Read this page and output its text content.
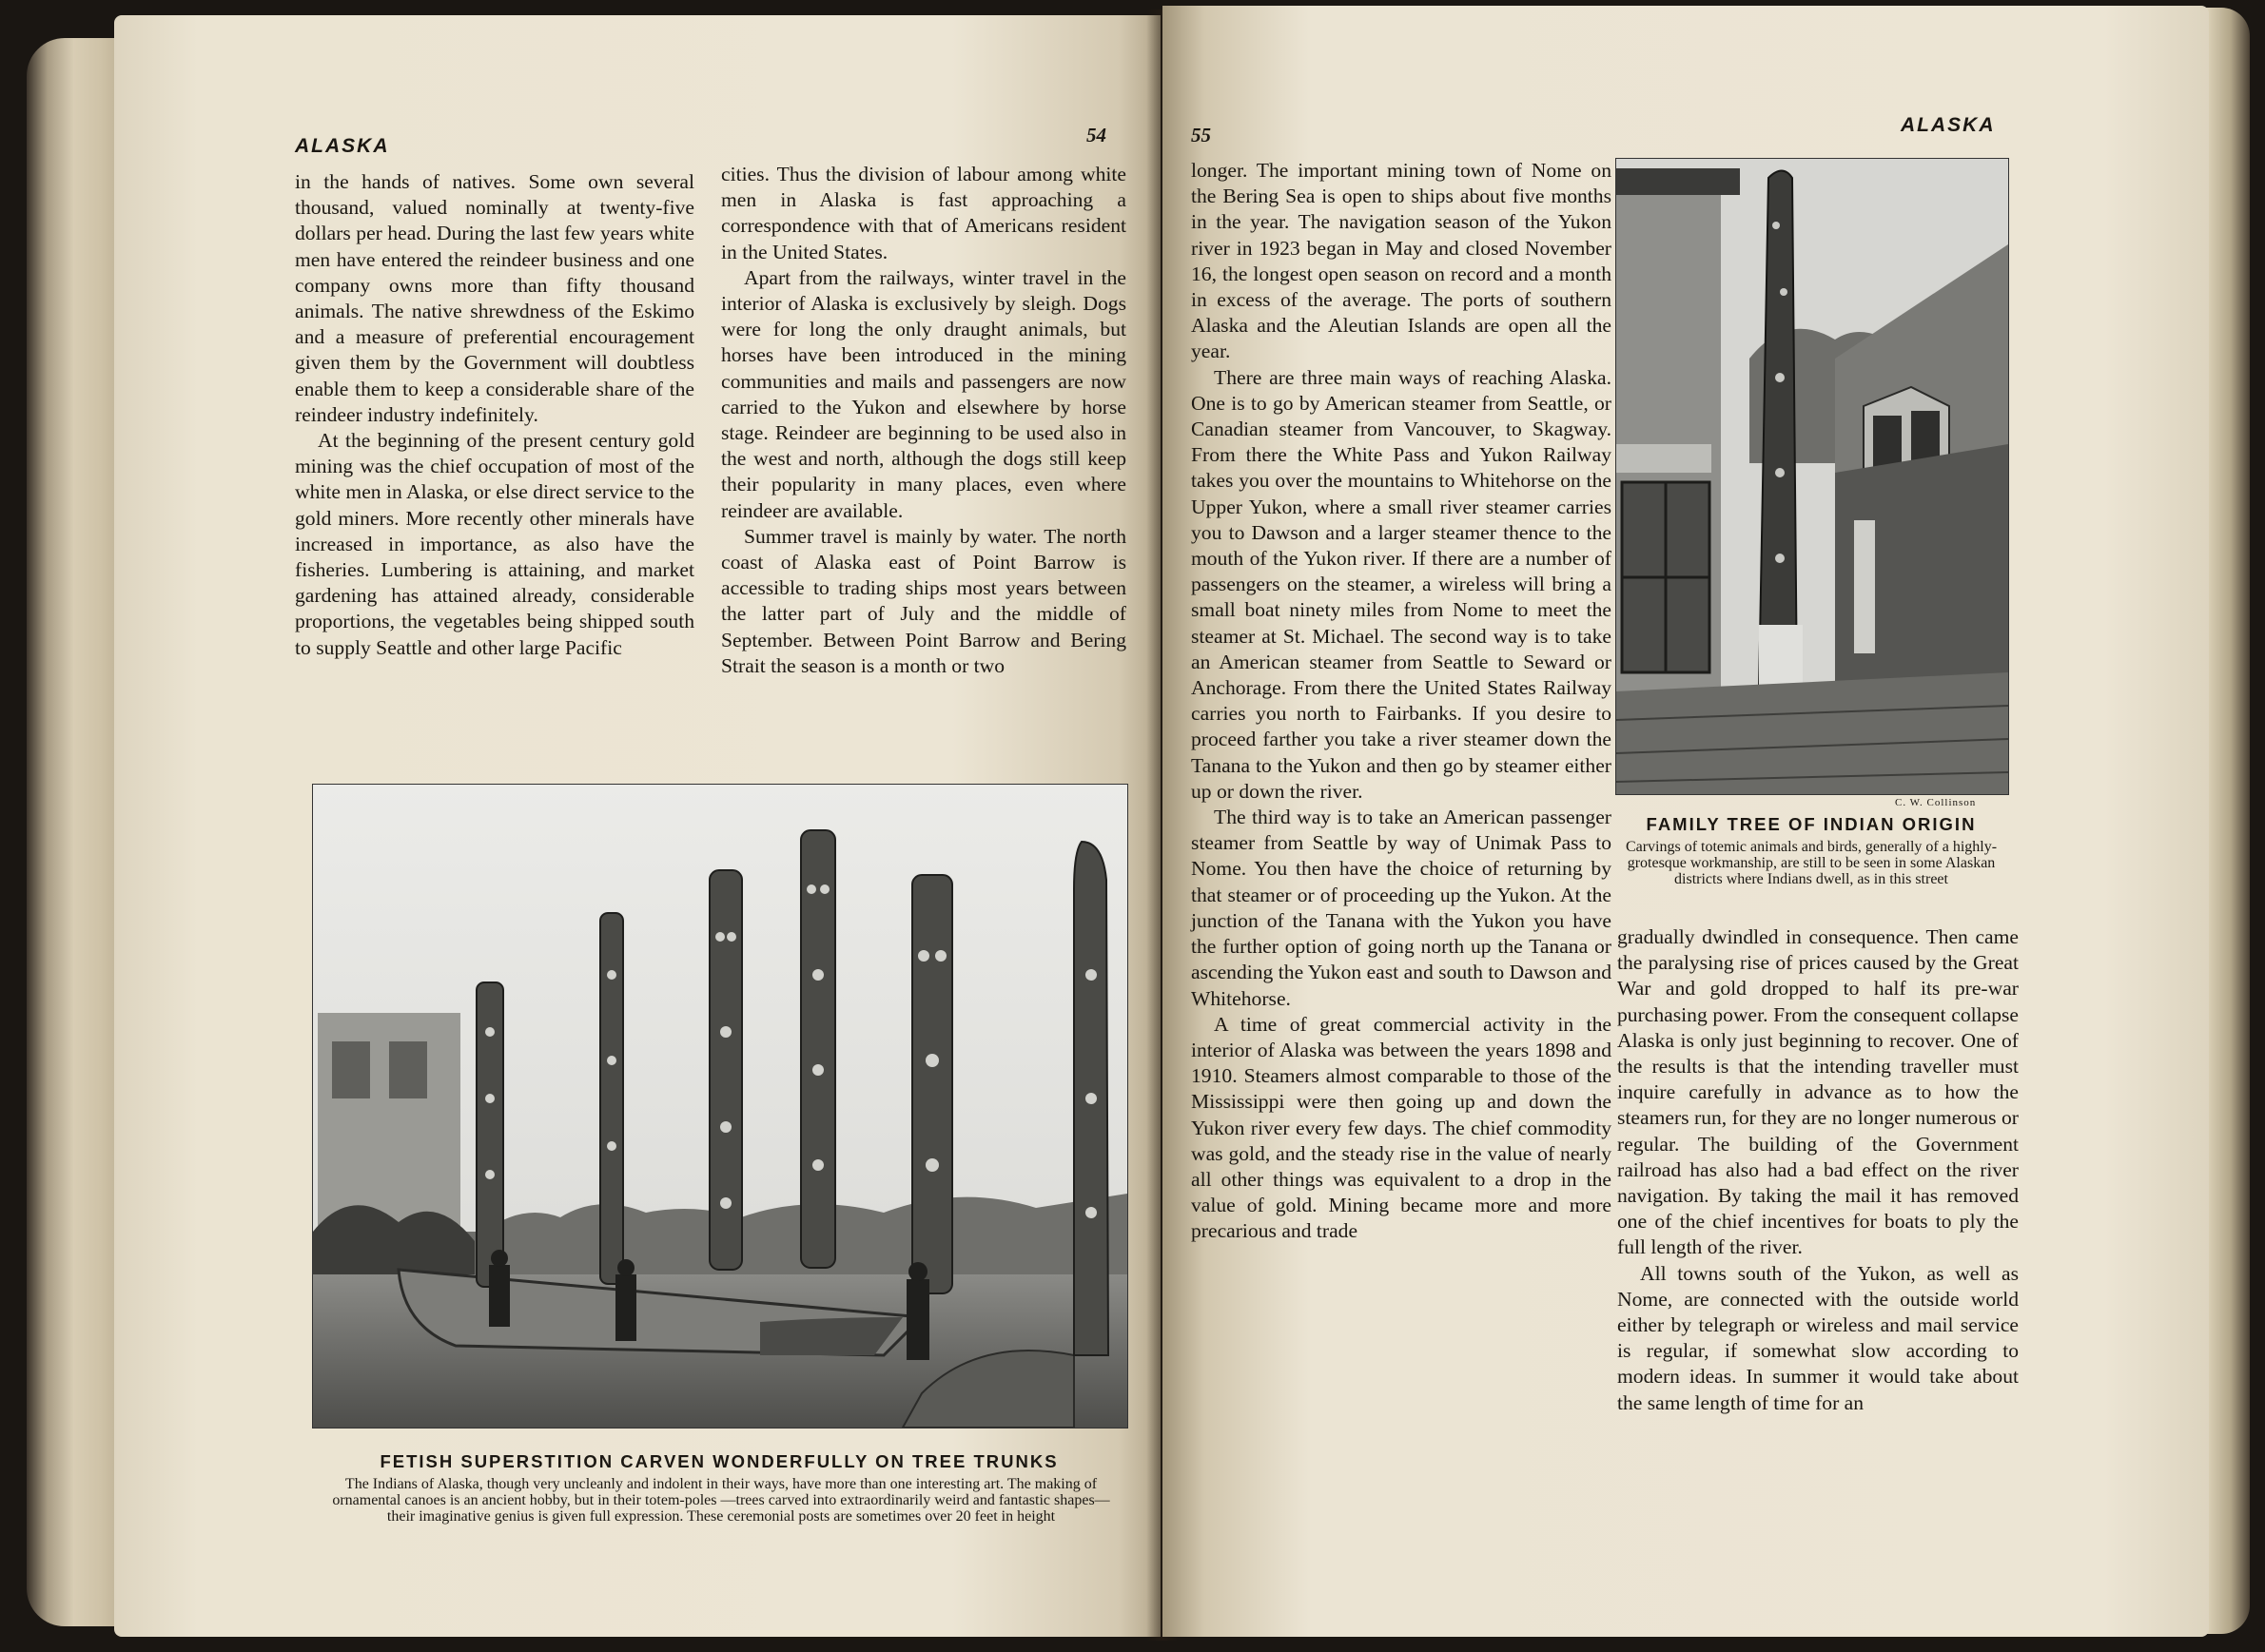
ALASKA	54

in the hands of natives. Some own several thousand, valued nominally at twenty-five dollars per head. During the last few years white men have entered the reindeer business and one company owns more than fifty thousand animals. The native shrewdness of the Eskimo and a measure of preferential encouragement given them by the Government will doubtless enable them to keep a considerable share of the reindeer industry indefinitely.

At the beginning of the present century gold mining was the chief occupation of most of the white men in Alaska, or else direct service to the gold miners. More recently other minerals have increased in importance, as also have the fisheries. Lumbering is attaining, and market gardening has attained already, considerable proportions, the vegetables being shipped south to supply Seattle and other large Pacific

cities. Thus the division of labour among white men in Alaska is fast approaching a correspondence with that of Americans resident in the United States.

Apart from the railways, winter travel in the interior of Alaska is exclusively by sleigh. Dogs were for long the only draught animals, but horses have been introduced in the mining communities and mails and passengers are now carried to the Yukon and elsewhere by horse stage. Reindeer are beginning to be used also in the west and north, although the dogs still keep their popularity in many places, even where reindeer are available.

Summer travel is mainly by water. The north coast of Alaska east of Point Barrow is accessible to trading ships most years between the latter part of July and the middle of September. Between Point Barrow and Bering Strait the season is a month or two

FETISH SUPERSTITION CARVEN WONDERFULLY ON TREE TRUNKS
The Indians of Alaska, though very uncleanly and indolent in their ways, have more than one interesting art. The making of ornamental canoes is an ancient hobby, but in their totem-poles —trees carved into extraordinarily weird and fantastic shapes—their imaginative genius is given full expression. These ceremonial posts are sometimes over 20 feet in height
55	ALASKA

longer. The important mining town of Nome on the Bering Sea is open to ships about five months in the year. The navigation season of the Yukon river in 1923 began in May and closed November 16, the longest open season on record and a month in excess of the average. The ports of southern Alaska and the Aleutian Islands are open all the year.

There are three main ways of reaching Alaska. One is to go by American steamer from Seattle, or Canadian steamer from Vancouver, to Skagway. From there the White Pass and Yukon Railway takes you over the mountains to Whitehorse on the Upper Yukon, where a small river steamer carries you to Dawson and a larger steamer thence to the mouth of the Yukon river. If there are a number of passengers on the steamer, a wireless will bring a small boat ninety miles from Nome to meet the steamer at St. Michael. The second way is to take an American steamer from Seattle to Seward or Anchorage. From there the United States Railway carries you north to Fairbanks. If you desire to proceed farther you take a river steamer down the Tanana to the Yukon and then go by steamer either up or down the river.

The third way is to take an American passenger steamer from Seattle by way of Unimak Pass to Nome. You then have the choice of returning by that steamer or of proceeding up the Yukon. At the junction of the Tanana with the Yukon you have the further option of going north up the Tanana or ascending the Yukon east and south to Dawson and Whitehorse.

A time of great commercial activity in the interior of Alaska was between the years 1898 and 1910. Steamers almost comparable to those of the Mississippi were then going up and down the Yukon river every few days. The chief commodity was gold, and the steady rise in the value of nearly all other things was equivalent to a drop in the value of gold. Mining became more and more precarious and trade

C. W. Collinson
FAMILY TREE OF INDIAN ORIGIN
Carvings of totemic animals and birds, generally of a highly-grotesque workmanship, are still to be seen in some Alaskan districts where Indians dwell, as in this street

gradually dwindled in consequence. Then came the paralysing rise of prices caused by the Great War and gold dropped to half its pre-war purchasing power. From the consequent collapse Alaska is only just beginning to recover. One of the results is that the intending traveller must inquire carefully in advance as to how the steamers run, for they are no longer numerous or regular. The building of the Government railroad has also had a bad effect on the river navigation. By taking the mail it has removed one of the chief incentives for boats to ply the full length of the river.

All towns south of the Yukon, as well as Nome, are connected with the outside world either by telegraph or wireless and mail service is regular, if somewhat slow according to modern ideas. In summer it would take about the same length of time for an
